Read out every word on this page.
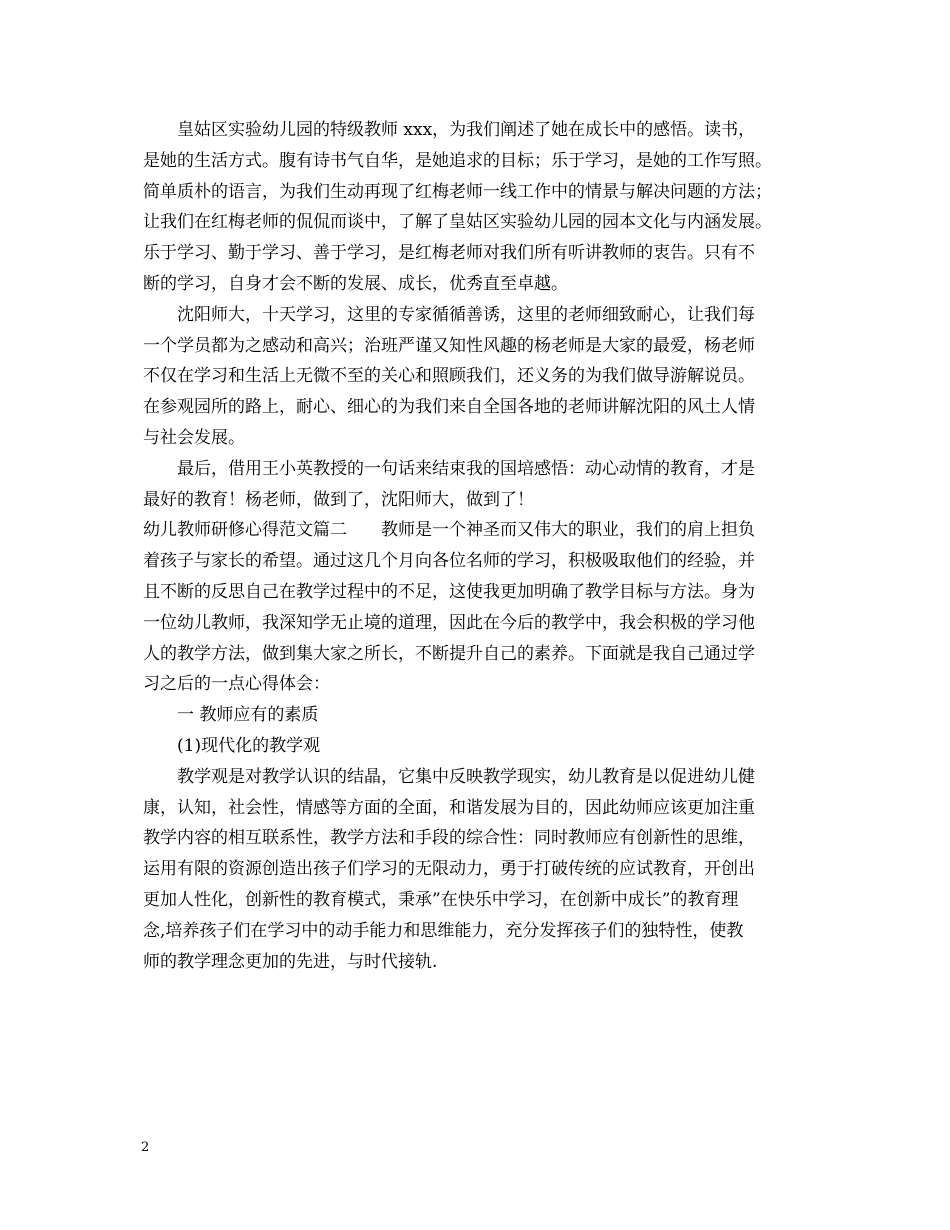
皇姑区实验幼儿园的特级教师 xxx，为我们阐述了她在成长中的感悟。读书，
是她的生活方式。腹有诗书气自华，是她追求的目标；乐于学习，是她的工作写照。
简单质朴的语言，为我们生动再现了红梅老师一线工作中的情景与解决问题的方法；
让我们在红梅老师的侃侃而谈中，了解了皇姑区实验幼儿园的园本文化与内涵发展。
乐于学习、勤于学习、善于学习，是红梅老师对我们所有听讲教师的衷告。只有不
断的学习，自身才会不断的发展、成长，优秀直至卓越。
沈阳师大，十天学习，这里的专家循循善诱，这里的老师细致耐心，让我们每
一个学员都为之感动和高兴；治班严谨又知性风趣的杨老师是大家的最爱，杨老师
不仅在学习和生活上无微不至的关心和照顾我们，还义务的为我们做导游解说员。
在参观园所的路上，耐心、细心的为我们来自全国各地的老师讲解沈阳的风土人情
与社会发展。
最后，借用王小英教授的一句话来结束我的国培感悟：动心动情的教育，才是
最好的教育！杨老师，做到了，沈阳师大，做到了！
幼儿教师研修心得范文篇二　　教师是一个神圣而又伟大的职业，我们的肩上担负
着孩子与家长的希望。通过这几个月向各位名师的学习，积极吸取他们的经验，并
且不断的反思自己在教学过程中的不足，这使我更加明确了教学目标与方法。身为
一位幼儿教师，我深知学无止境的道理，因此在今后的教学中，我会积极的学习他
人的教学方法，做到集大家之所长，不断提升自己的素养。下面就是我自己通过学
习之后的一点心得体会：
一 教师应有的素质
(1)现代化的教学观
教学观是对教学认识的结晶，它集中反映教学现实，幼儿教育是以促进幼儿健
康，认知，社会性，情感等方面的全面，和谐发展为目的，因此幼师应该更加注重
教学内容的相互联系性，教学方法和手段的综合性：同时教师应有创新性的思维，
运用有限的资源创造出孩子们学习的无限动力，勇于打破传统的应试教育，开创出
更加人性化，创新性的教育模式，秉承”在快乐中学习，在创新中成长”的教育理
念,培养孩子们在学习中的动手能力和思维能力，充分发挥孩子们的独特性，使教
师的教学理念更加的先进，与时代接轨.
2
